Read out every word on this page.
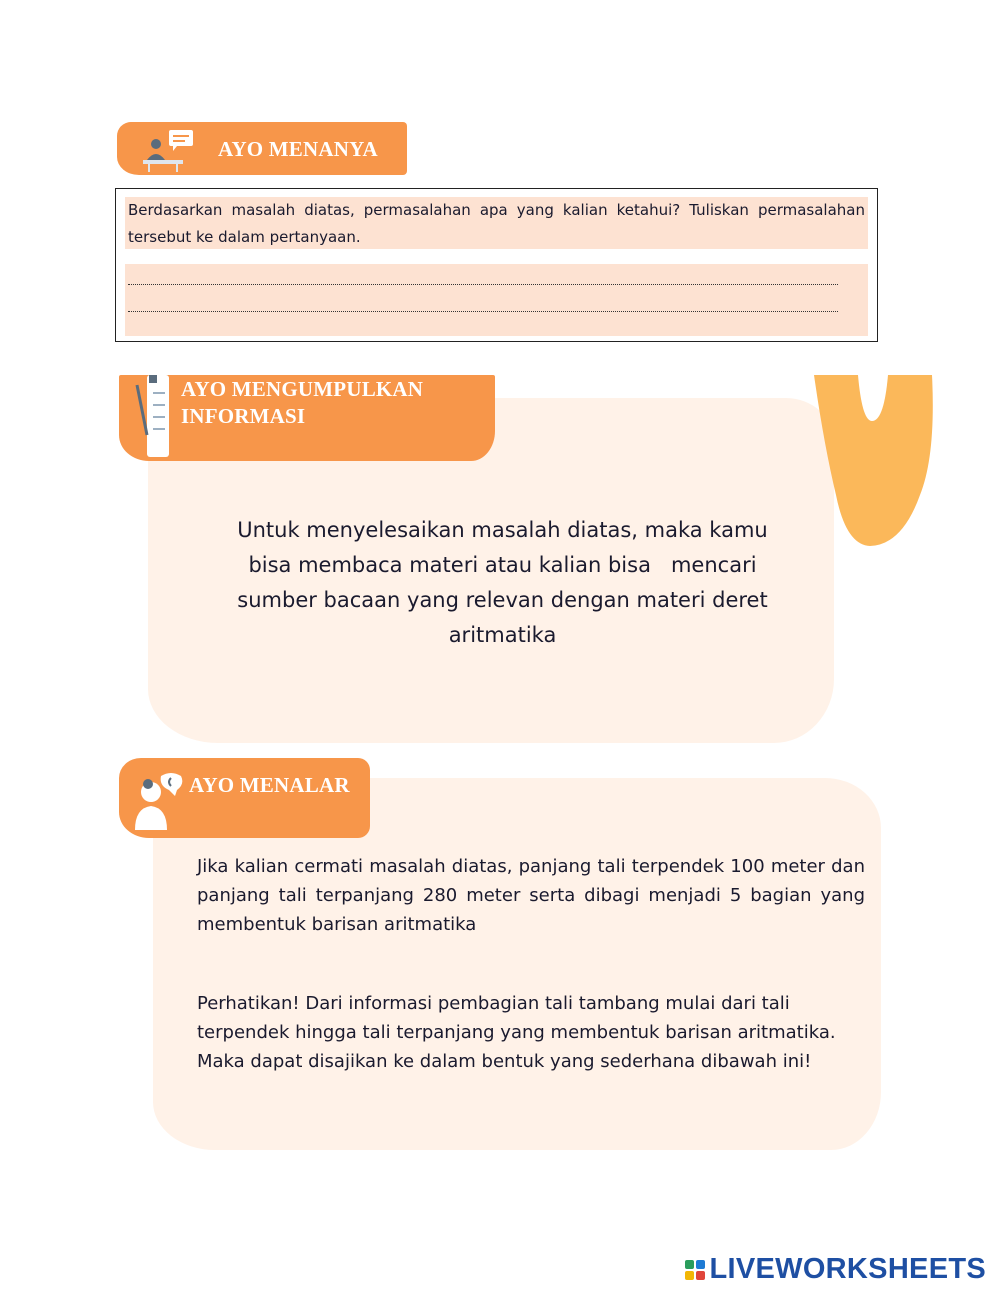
AYO MENANYA
Berdasarkan masalah diatas, permasalahan apa yang kalian ketahui? Tuliskan permasalahan tersebut ke dalam pertanyaan.
AYO MENGUMPULKAN
INFORMASI
Untuk menyelesaikan masalah diatas, maka kamu bisa membaca materi atau kalian bisa   mencari sumber bacaan yang relevan dengan materi deret aritmatika
AYO MENALAR
Jika kalian cermati masalah diatas, panjang tali terpendek 100 meter dan panjang tali terpanjang 280 meter serta dibagi menjadi 5 bagian yang membentuk barisan aritmatika
Perhatikan! Dari informasi pembagian tali tambang mulai dari tali terpendek hingga tali terpanjang yang membentuk barisan aritmatika. Maka dapat disajikan ke dalam bentuk yang sederhana dibawah ini!
LIVEWORKSHEETS
